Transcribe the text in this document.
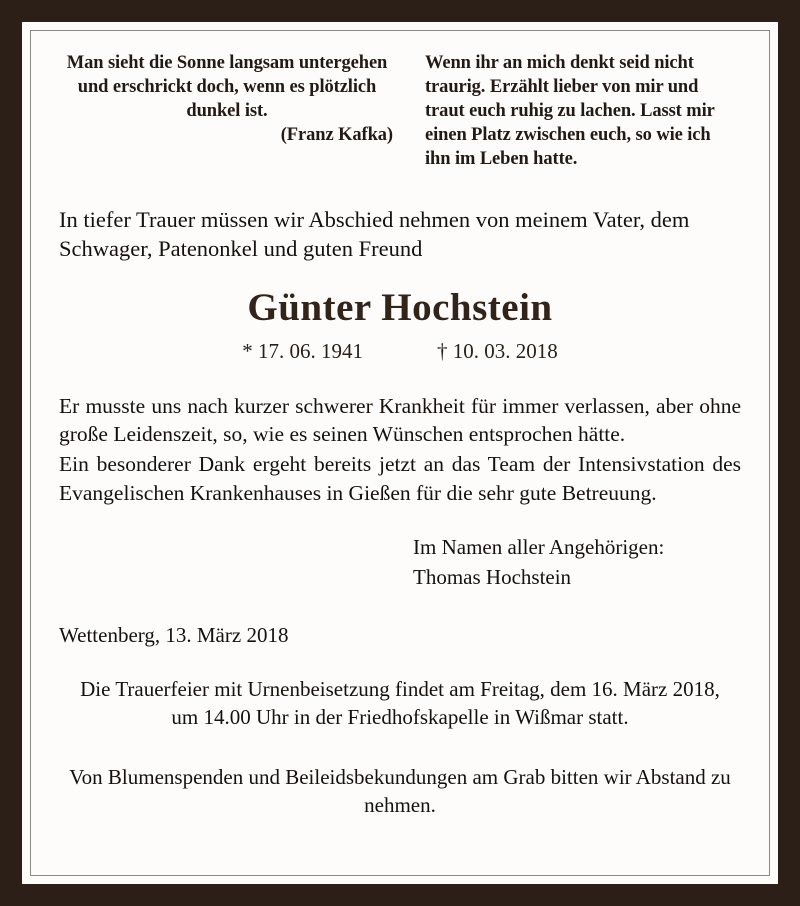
Man sieht die Sonne langsam untergehen und erschrickt doch, wenn es plötzlich dunkel ist.
(Franz Kafka)
Wenn ihr an mich denkt seid nicht traurig. Erzählt lieber von mir und traut euch ruhig zu lachen. Lasst mir einen Platz zwischen euch, so wie ich ihn im Leben hatte.
In tiefer Trauer müssen wir Abschied nehmen von meinem Vater, dem Schwager, Patenonkel und guten Freund
Günter Hochstein
* 17. 06. 1941	† 10. 03. 2018
Er musste uns nach kurzer schwerer Krankheit für immer verlassen, aber ohne große Leidenszeit, so, wie es seinen Wünschen entsprochen hätte.
Ein besonderer Dank ergeht bereits jetzt an das Team der Intensivstation des Evangelischen Krankenhauses in Gießen für die sehr gute Betreuung.
Im Namen aller Angehörigen:
Thomas Hochstein
Wettenberg, 13. März 2018
Die Trauerfeier mit Urnenbeisetzung findet am Freitag, dem 16. März 2018, um 14.00 Uhr in der Friedhofskapelle in Wißmar statt.
Von Blumenspenden und Beileidsbekundungen am Grab bitten wir Abstand zu nehmen.
